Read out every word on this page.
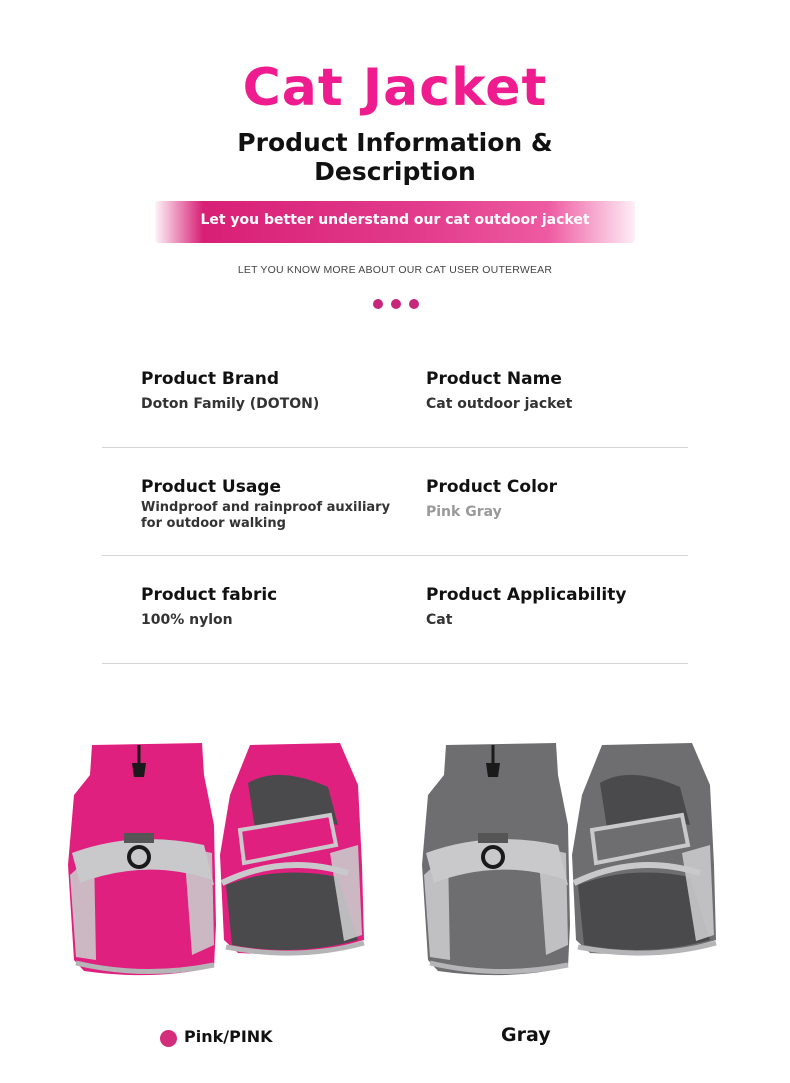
Cat Jacket
Product Information & Description
Let you better understand our cat outdoor jacket
LET YOU KNOW MORE ABOUT OUR CAT USER OUTERWEAR
Product Brand
Doton Family (DOTON)
Product Name
Cat outdoor jacket
Product Usage
Windproof and rainproof auxiliary for outdoor walking
Product Color
Pink Gray
Product fabric
100% nylon
Product Applicability
Cat
Pink/PINK	Gray
